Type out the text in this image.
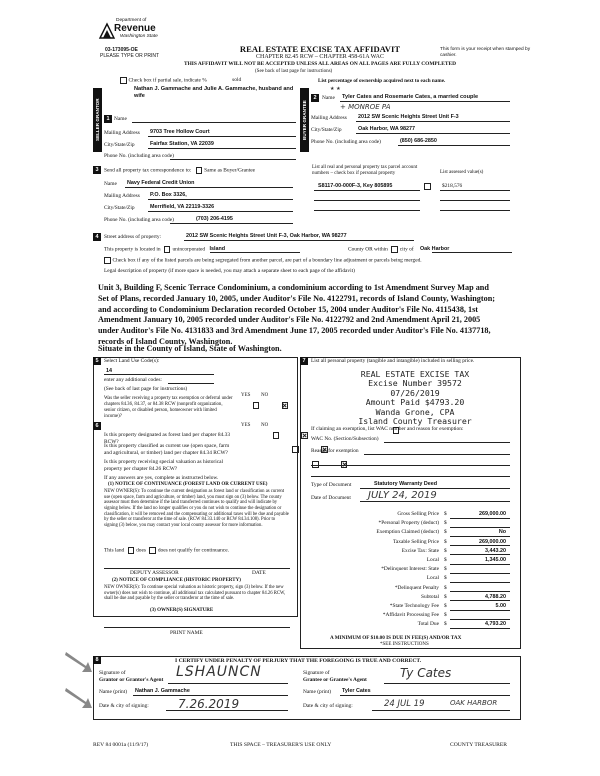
Department of
Revenue
Washington State
03-173095-OE
PLEASE TYPE OR PRINT
REAL ESTATE EXCISE TAX AFFIDAVIT
CHAPTER 82.45 RCW – CHAPTER 458-61A WAC
THIS AFFIDAVIT WILL NOT BE ACCEPTED UNLESS ALL AREAS ON ALL PAGES ARE FULLY COMPLETED
This form is your receipt when stamped by cashier.
(See back of last page for instructions)
Check box if partial sale, indicate %	sold	List percentage of ownership acquired next to each name.
SELLER GRANTOR	1
Nathan J. Gammache and Julie A. Gammache, husband and wife
Name
Mailing Address 9703 Tree Hollow Court
City/State/Zip	Fairfax Station, VA 22039
Phone No. (including area code)
BUYER GRANTEE
2
★ ★
Name Tyler Cates and Rosemarie Cates, a married couple
+ MONROE PA
Mailing Address 2012 SW Scenic Heights Street Unit F-3
City/State/Zip	Oak Harbor, WA 98277
Phone No. (including area code)	(850) 686-2850
3	Send all property tax correspondence to: Same as Buyer/Grantee
Name Navy Federal Credit Union
Mailing Address P.O. Box 3326,
City/State/Zip	Merrifield, VA 22119-3326
Phone No. (including area code)	(703) 206-4195
List all real and personal property tax parcel account numbers – check box if personal property	List assessed value(s)
S8117-00-000F-3, Key 805895
	$218,576
4	Street address of property:	2012 SW Scenic Heights Street Unit F-3, Oak Harbor, WA 98277
This property is located in unincorporated Island	County OR within city of Oak Harbor
Check box if any of the listed parcels are being segregated from another parcel, are part of a boundary line adjustment or parcels being merged.
Legal description of property (if more space is needed, you may attach a separate sheet to each page of the affidavit)
Unit 3, Building F, Scenic Terrace Condominium, a condominium according to 1st Amendment Survey Map and
Set of Plans, recorded January 10, 2005, under Auditor's File No. 4122791, records of Island County, Washington;
and according to Condominium Declaration recorded October 15, 2004 under Auditor's File No. 4115438, 1st
Amendment January 10, 2005 recorded under Auditor's File No. 4122792 and 2nd Amendment April 21, 2005
under Auditor's File No. 4131833 and 3rd Amendment June 17, 2005 recorded under Auditor's File No. 4137718,
records of Island County, Washington.
Situate in the County of Island, State of Washington.
5	Select Land Use Code(s):
14
enter any additional codes:
(See back of last page for instructions)
YES NO
Was the seller receiving a property tax exemption or deferral under chapters 84.36, 84.37, or 84.38 RCW (nonprofit organization, senior citizen, or disabled person, homeowner with limited income)?

6	YES NO
Is this property designated as forest land per chapter 84.33 RCW?

Is this property classified as current use (open space, farm and agricultural, or timber) land per chapter 84.34 RCW?

Is this property receiving special valuation as historical property per chapter 84.26 RCW?

If any answers are yes, complete as instructed below.
(1) NOTICE OF CONTINUANCE (FOREST LAND OR CURRENT USE)
NEW OWNER(S): To continue the current designation as forest land or classification as current use (open space, farm and agriculture, or timber) land, you must sign on (3) below. The county assessor must then determine if the land transferred continues to qualify and will indicate by signing below. If the land no longer qualifies or you do not wish to continue the designation or classification, it will be removed and the compensating or additional taxes will be due and payable by the seller or transferor at the time of sale. (RCW 84.33.140 or RCW 84.34.108). Prior to signing (3) below, you may contact your local county assessor for more information.
This land does does not qualify for continuance.
DEPUTY ASSESSOR	DATE
(2) NOTICE OF COMPLIANCE (HISTORIC PROPERTY)
NEW OWNER(S): To continue special valuation as historic property, sign (3) below. If the new owner(s) does not wish to continue, all additional tax calculated pursuant to chapter 84.26 RCW, shall be due and payable by the seller or transferor at the time of sale.
(3) OWNER(S) SIGNATURE
PRINT NAME
7	List all personal property (tangible and intangible) included in selling price.
REAL ESTATE EXCISE TAX
Excise Number 39572
07/26/2019
Amount Paid $4793.20
Wanda Grone, CPA
Island County Treasurer
If claiming an exemption, list WAC number and reason for exemption:
WAC No. (Section/Subsection)
Reason for exemption
Type of Document	Statutory Warranty Deed
Date of Document JULY 24, 2019
Gross Selling Price $	269,000.00
*Personal Property (deduct) $
Exemption Claimed (deduct) $	No
Taxable Selling Price $	269,000.00
Excise Tax: State $	3,443.20
Local $	1,345.00
*Delinquent Interest: State $
Local $
*Delinquent Penalty $
Subtotal $	4,788.20
*State Technology Fee $	5.00
*Affidavit Processing Fee $
Total Due $	4,793.20
A MINIMUM OF $10.00 IS DUE IN FEE(S) AND/OR TAX
*SEE INSTRUCTIONS
8	I CERTIFY UNDER PENALTY OF PERJURY THAT THE FOREGOING IS TRUE AND CORRECT.
Signature of
Grantor or Grantor's Agent LSHAUNCN
Name (print) Nathan J. Gammache
Date & city of signing: 7.26.2019
Signature of
Grantee or Grantee's Agent	Ty Cates
Name (print) Tyler Cates
Date & city of signing:	24 JUL 19	OAK HARBOR
REV 84 0001a (11/9/17)	THIS SPACE – TREASURER'S USE ONLY	COUNTY TREASURER
